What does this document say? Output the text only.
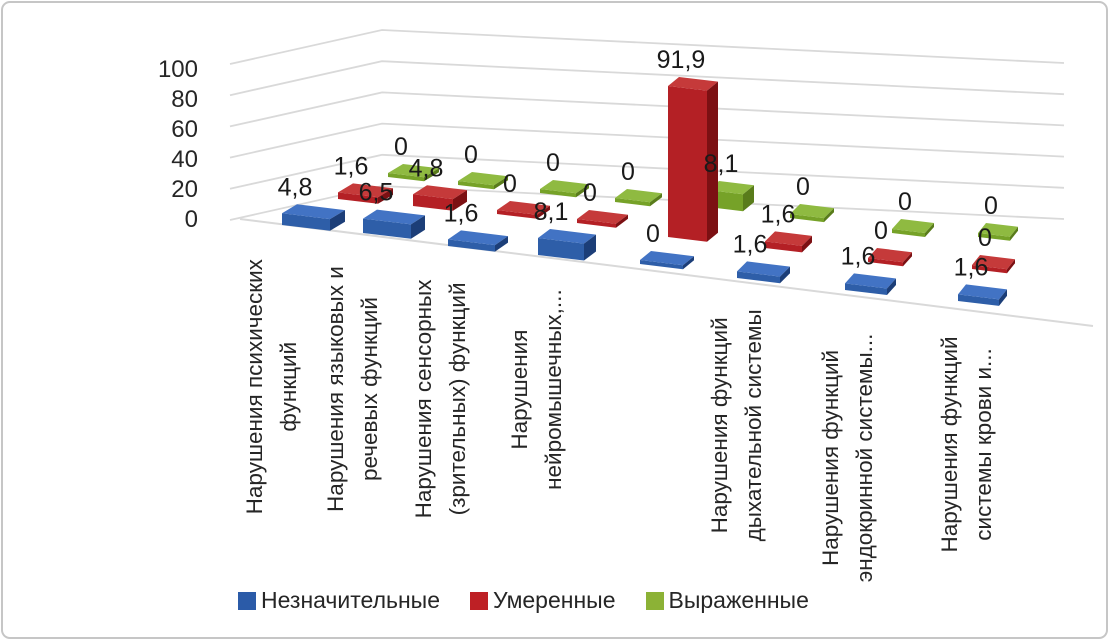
0 0	0 0	8,1
0
0	0
1,6 4,8
0	0
91,9
1,6
0	0
4,8 6,5
1,6 8,1
0	1,6	1,6	1,6
0
20
40
60
80
100
Нарушения психических функций Нарушения языковых и речевых функций Нарушения сенсорных (зрительных) функций Нарушения нейромышечных,...	Нарушения функций дыхательной системы Нарушения функций эндокринной системы...	Нарушения функций системы крови и...
Незначительные Умеренные Выраженные
